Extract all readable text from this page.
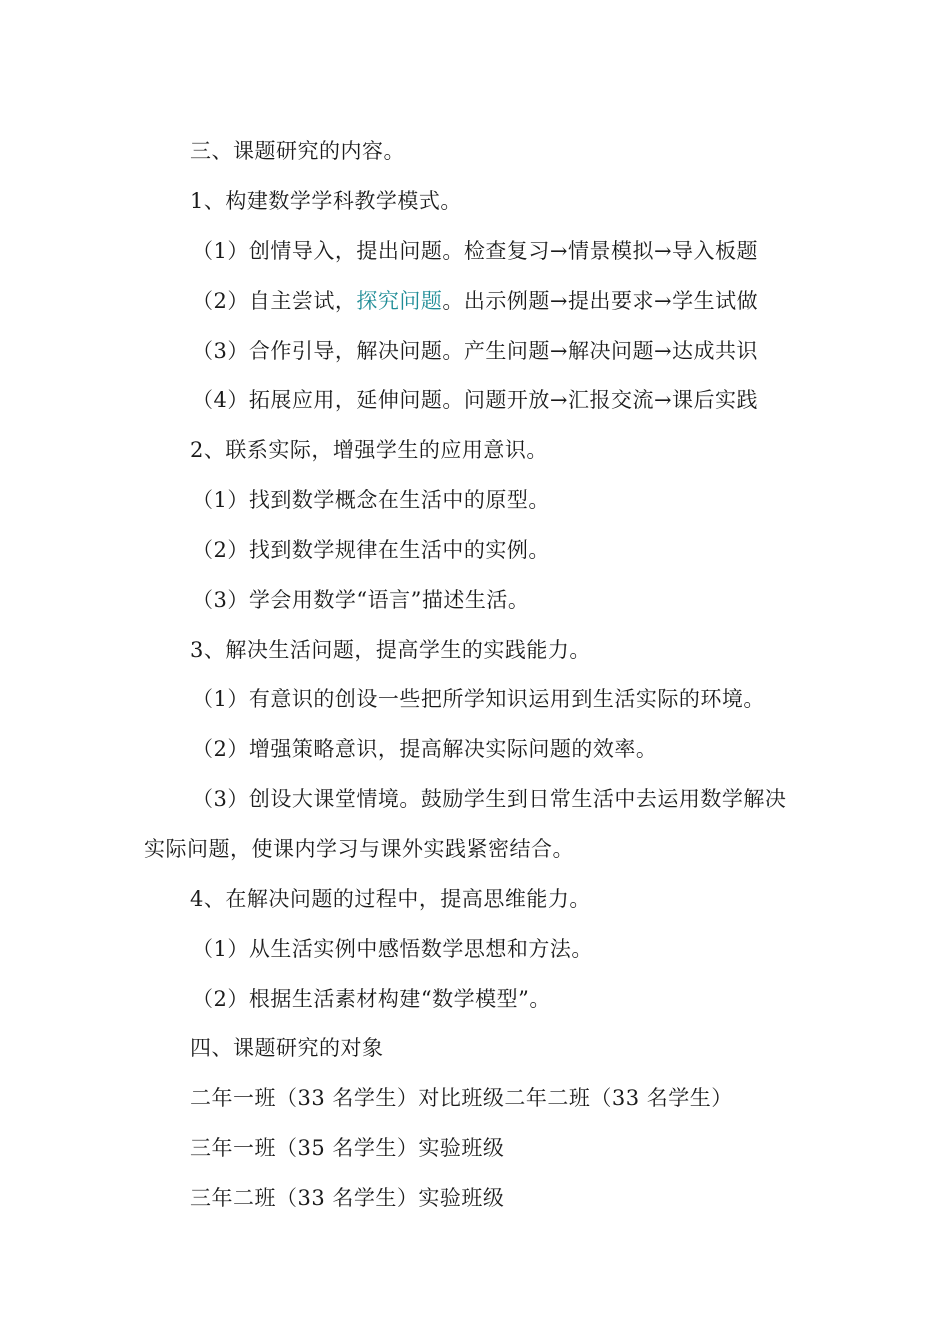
三、课题研究的内容。
1、构建数学学科教学模式。
（1）创情导入，提出问题。检查复习→情景模拟→导入板题
（2）自主尝试，探究问题。出示例题→提出要求→学生试做
（3）合作引导，解决问题。产生问题→解决问题→达成共识
（4）拓展应用，延伸问题。问题开放→汇报交流→课后实践
2、联系实际，增强学生的应用意识。
（1）找到数学概念在生活中的原型。
（2）找到数学规律在生活中的实例。
（3）学会用数学“语言”描述生活。
3、解决生活问题，提高学生的实践能力。
（1）有意识的创设一些把所学知识运用到生活实际的环境。
（2）增强策略意识，提高解决实际问题的效率。
（3）创设大课堂情境。鼓励学生到日常生活中去运用数学解决
实际问题，使课内学习与课外实践紧密结合。
4、在解决问题的过程中，提高思维能力。
（1）从生活实例中感悟数学思想和方法。
（2）根据生活素材构建“数学模型”。
四、课题研究的对象
二年一班（33 名学生）对比班级二年二班（33 名学生）
三年一班（35 名学生）实验班级
三年二班（33 名学生）实验班级
